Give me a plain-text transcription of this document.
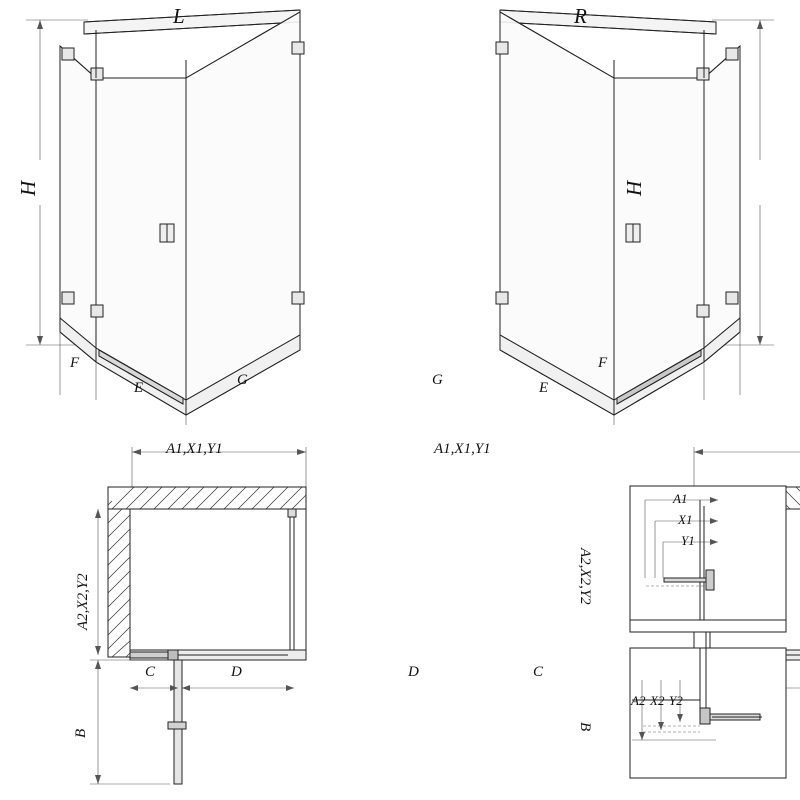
L	R
H	H
F
E	G	G	E
F
A1,X1,Y1	A1,X1,Y1
A2,X2,Y2	A2,X2,Y2
C	D	D	C
B
B
A1
X1
Y1
A2 X2 Y2
